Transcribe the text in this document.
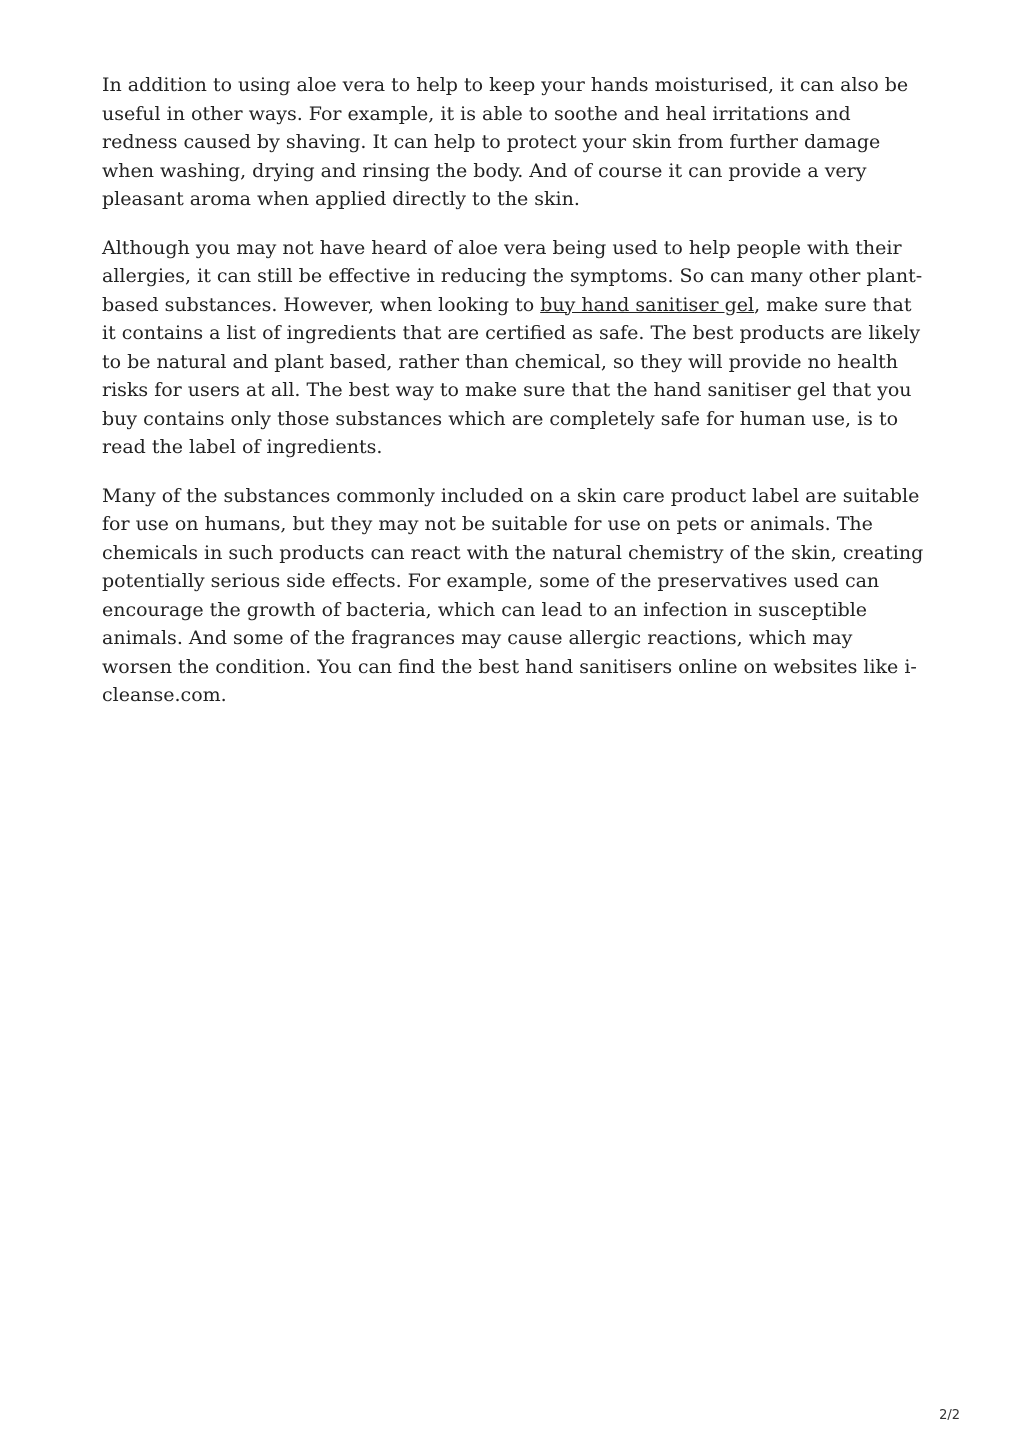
In addition to using aloe vera to help to keep your hands moisturised, it can also be useful in other ways. For example, it is able to soothe and heal irritations and redness caused by shaving. It can help to protect your skin from further damage when washing, drying and rinsing the body. And of course it can provide a very pleasant aroma when applied directly to the skin.

Although you may not have heard of aloe vera being used to help people with their allergies, it can still be effective in reducing the symptoms. So can many other plant-based substances. However, when looking to buy hand sanitiser gel, make sure that it contains a list of ingredients that are certified as safe. The best products are likely to be natural and plant based, rather than chemical, so they will provide no health risks for users at all. The best way to make sure that the hand sanitiser gel that you buy contains only those substances which are completely safe for human use, is to read the label of ingredients.

Many of the substances commonly included on a skin care product label are suitable for use on humans, but they may not be suitable for use on pets or animals. The chemicals in such products can react with the natural chemistry of the skin, creating potentially serious side effects. For example, some of the preservatives used can encourage the growth of bacteria, which can lead to an infection in susceptible animals. And some of the fragrances may cause allergic reactions, which may worsen the condition. You can find the best hand sanitisers online on websites like i-cleanse.com.

2/2
